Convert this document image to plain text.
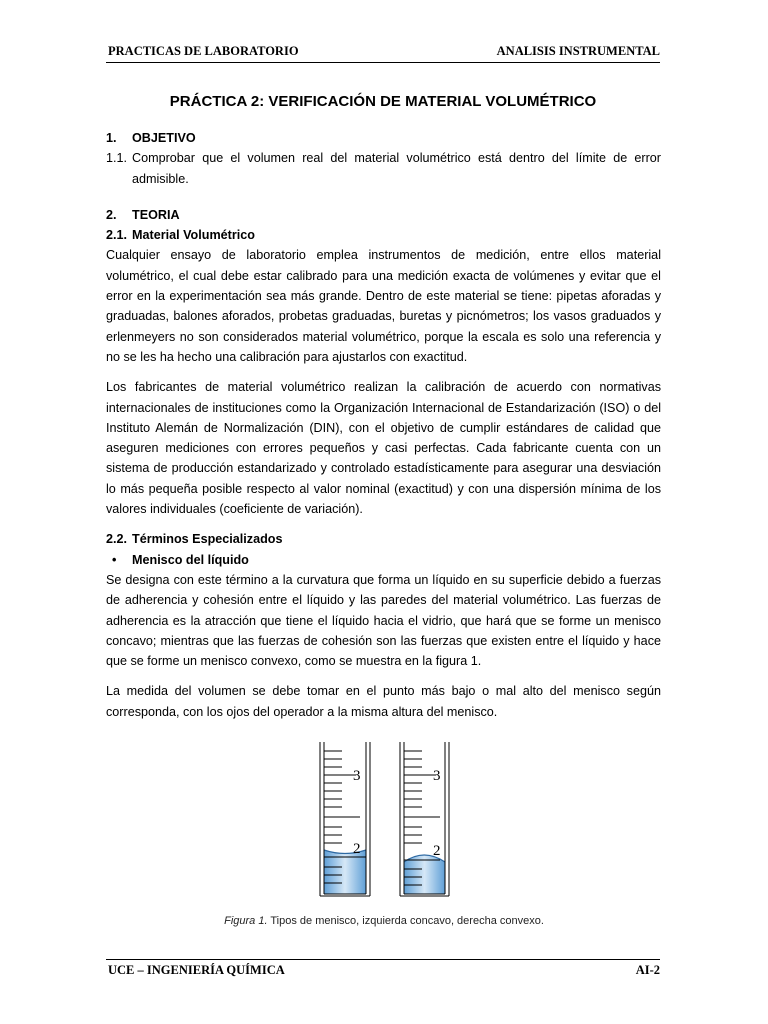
PRACTICAS DE LABORATORIO	ANALISIS INSTRUMENTAL
PRÁCTICA 2: VERIFICACIÓN DE MATERIAL VOLUMÉTRICO
1.	OBJETIVO
1.1. Comprobar que el volumen real del material volumétrico está dentro del límite de error admisible.
2.	TEORIA
2.1. Material Volumétrico
Cualquier ensayo de laboratorio emplea instrumentos de medición, entre ellos material volumétrico, el cual debe estar calibrado para una medición exacta de volúmenes y evitar que el error en la experimentación sea más grande. Dentro de este material se tiene: pipetas aforadas y graduadas, balones aforados, probetas graduadas, buretas y picnómetros; los vasos graduados y erlenmeyers no son considerados material volumétrico, porque la escala es solo una referencia y no se les ha hecho una calibración para ajustarlos con exactitud.
Los fabricantes de material volumétrico realizan la calibración de acuerdo con normativas internacionales de instituciones como la Organización Internacional de Estandarización (ISO) o del Instituto Alemán de Normalización (DIN), con el objetivo de cumplir estándares de calidad que aseguren mediciones con errores pequeños y casi perfectas. Cada fabricante cuenta con un sistema de producción estandarizado y controlado estadísticamente para asegurar una desviación lo más pequeña posible respecto al valor nominal (exactitud) y con una dispersión mínima de los valores individuales (coeficiente de variación).
2.2. Términos Especializados
•	Menisco del líquido
Se designa con este término a la curvatura que forma un líquido en su superficie debido a fuerzas de adherencia y cohesión entre el líquido y las paredes del material volumétrico. Las fuerzas de adherencia es la atracción que tiene el líquido hacia el vidrio, que hará que se forme un menisco concavo; mientras que las fuerzas de cohesión son las fuerzas que existen entre el líquido y hace que se forme un menisco convexo, como se muestra en la figura 1.
La medida del volumen se debe tomar en el punto más bajo o mal alto del menisco según corresponda, con los ojos del operador a la misma altura del menisco.
3
2
3
2
Figura 1. Tipos de menisco, izquierda concavo, derecha convexo.
UCE – INGENIERÍA QUÍMICA	AI-2
